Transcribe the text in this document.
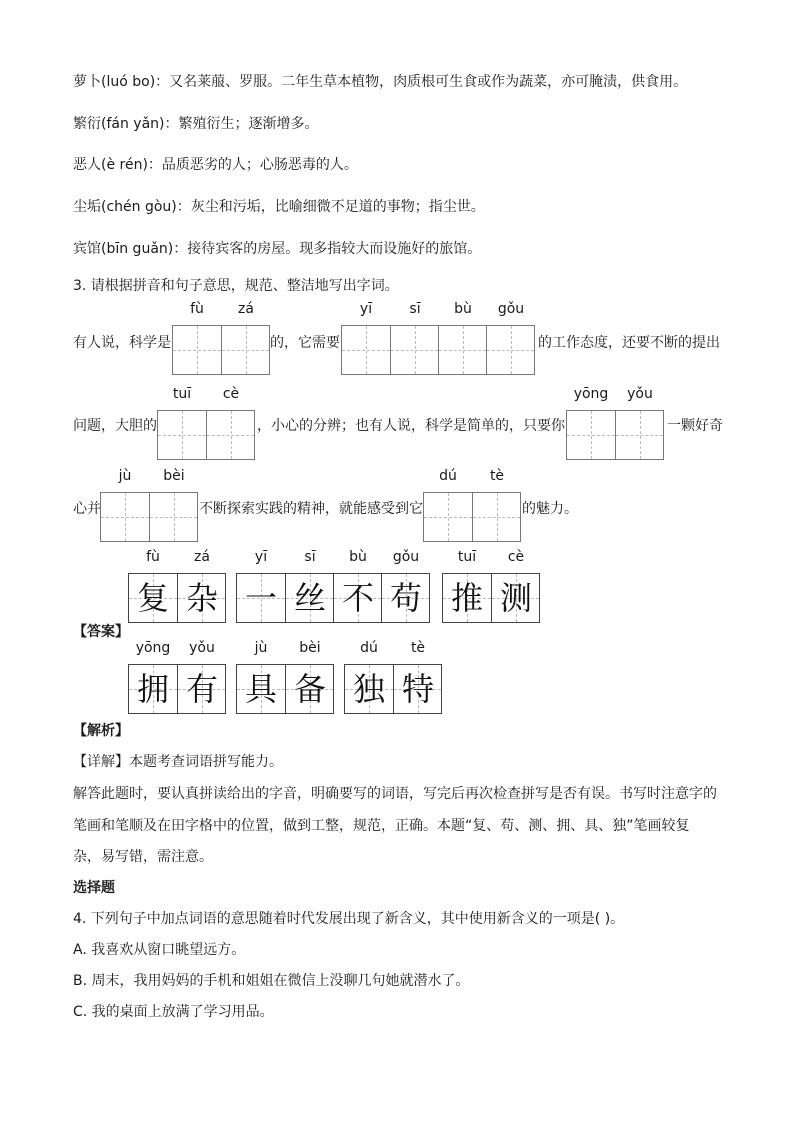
萝卜(luó bo)：又名莱菔、罗服。二年生草本植物，肉质根可生食或作为蔬菜，亦可腌渍，供食用。
繁衍(fán yǎn)：繁殖衍生；逐渐增多。
恶人(è rén)：品质恶劣的人；心肠恶毒的人。
尘垢(chén gòu)：灰尘和污垢，比喻细微不足道的事物；指尘世。
宾馆(bīn guǎn)：接待宾客的房屋。现多指较大而设施好的旅馆。
3. 请根据拼音和句子意思，规范、整洁地写出字词。
有人说，科学是
fù	zá
的，它需要
yī	sī	bù	gǒu
的工作态度，还要不断的提出
问题，大胆的
tuī	cè
，小心的分辨；也有人说，科学是简单的，只要你
yōng	yǒu
一颗好奇
心并
jù	bèi
不断探索实践的精神，就能感受到它
dú	tè
的魅力。
fù
复
zá
杂
yī
一
sī
丝
bù
不
gǒu
苟
tuī
推
cè
测
【答案】
yōng
拥
yǒu
有
jù
具
bèi
备
dú
独
tè
特
【解析】
【详解】本题考查词语拼写能力。
解答此题时，要认真拼读给出的字音，明确要写的词语，写完后再次检查拼写是否有误。书写时注意字的
笔画和笔顺及在田字格中的位置，做到工整，规范，正确。本题“复、苟、测、拥、具、独”笔画较复
杂，易写错，需注意。
选择题
4. 下列句子中加点词语的意思随着时代发展出现了新含义，其中使用新含义的一项是( )。
A. 我喜欢从窗口眺望远方。
B. 周末，我用妈妈的手机和姐姐在微信上没聊几句她就潜水了。
C. 我的桌面上放满了学习用品。
